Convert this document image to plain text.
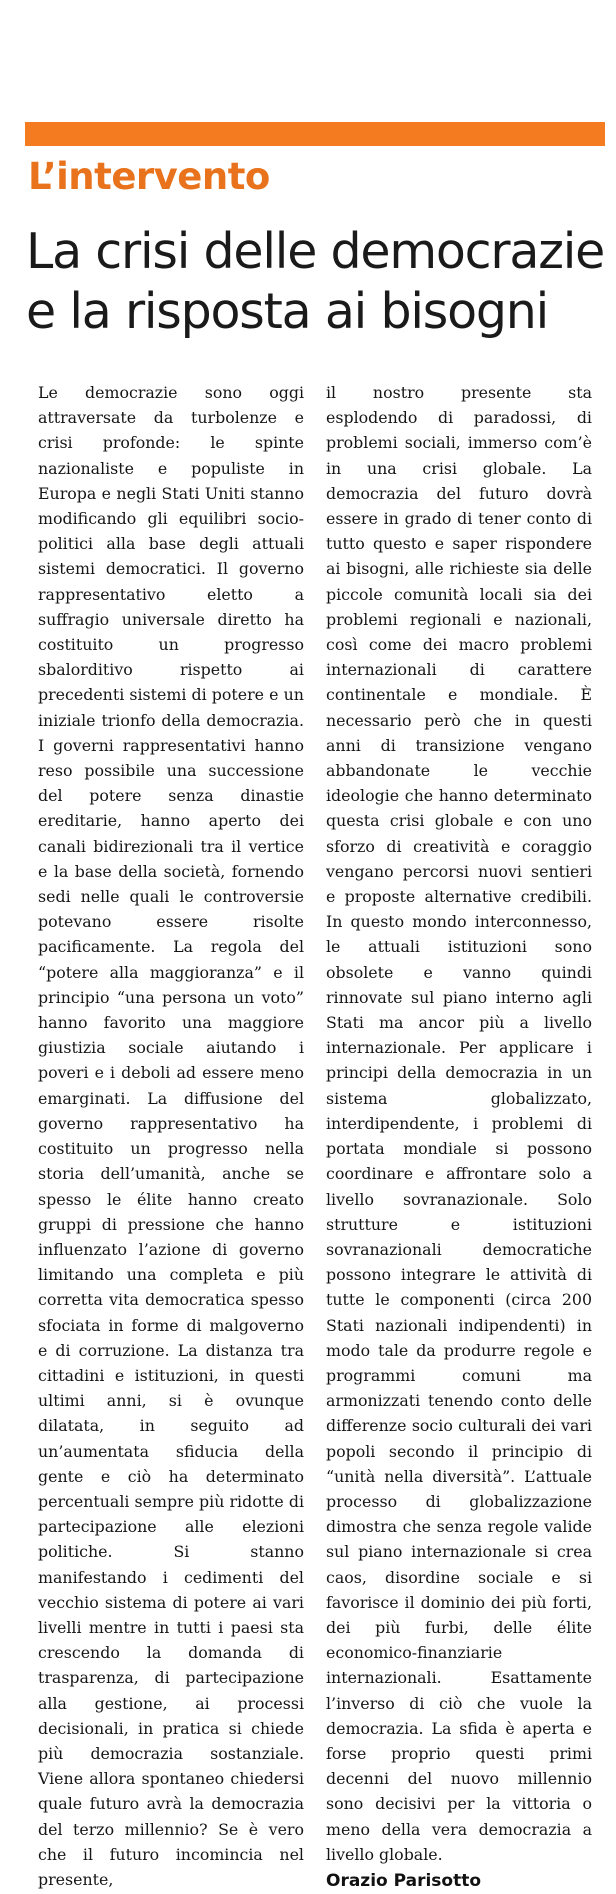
L’intervento
La crisi delle democrazie
e la risposta ai bisogni

Le democrazie sono oggi attraversate da turbolenze e crisi profonde: le spinte nazionaliste e populiste in Europa e negli Stati Uniti stanno modificando gli equilibri socio-politici alla base degli attuali sistemi democratici. Il governo rappresentativo eletto a suffragio universale diretto ha costituito un progresso sbalorditivo rispetto ai precedenti sistemi di potere e un iniziale trionfo della democrazia. I governi rappresentativi hanno reso possibile una successione del potere senza dinastie ereditarie, hanno aperto dei canali bidirezionali tra il vertice e la base della società, fornendo sedi nelle quali le controversie potevano essere risolte pacificamente. La regola del “potere alla maggioranza” e il principio “una persona un voto” hanno favorito una maggiore giustizia sociale aiutando i poveri e i deboli ad essere meno emarginati. La diffusione del governo rappresentativo ha costituito un progresso nella storia dell’umanità, anche se spesso le élite hanno creato gruppi di pressione che hanno influenzato l’azione di governo limitando una completa e più corretta vita democratica spesso sfociata in forme di malgoverno e di corruzione. La distanza tra cittadini e istituzioni, in questi ultimi anni, si è ovunque dilatata, in seguito ad un’aumentata sfiducia della gente e ciò ha determinato percentuali sempre più ridotte di partecipazione alle elezioni politiche. Si stanno manifestando i cedimenti del vecchio sistema di potere ai vari livelli mentre in tutti i paesi sta crescendo la domanda di trasparenza, di partecipazione alla gestione, ai processi decisionali, in pratica si chiede più democrazia sostanziale. Viene allora spontaneo chiedersi quale futuro avrà la democrazia del terzo millennio? Se è vero che il futuro incomincia nel presente,

il nostro presente sta esplodendo di paradossi, di problemi sociali, immerso com’è in una crisi globale. La democrazia del futuro dovrà essere in grado di tener conto di tutto questo e saper rispondere ai bisogni, alle richieste sia delle piccole comunità locali sia dei problemi regionali e nazionali, così come dei macro problemi internazionali di carattere continentale e mondiale. È necessario però che in questi anni di transizione vengano abbandonate le vecchie ideologie che hanno determinato questa crisi globale e con uno sforzo di creatività e coraggio vengano percorsi nuovi sentieri e proposte alternative credibili. In questo mondo interconnesso, le attuali istituzioni sono obsolete e vanno quindi rinnovate sul piano interno agli Stati ma ancor più a livello internazionale. Per applicare i principi della democrazia in un sistema globalizzato, interdipendente, i problemi di portata mondiale si possono coordinare e affrontare solo a livello sovranazionale. Solo strutture e istituzioni sovranazionali democratiche possono integrare le attività di tutte le componenti (circa 200 Stati nazionali indipendenti) in modo tale da produrre regole e programmi comuni ma armonizzati tenendo conto delle differenze socio culturali dei vari popoli secondo il principio di “unità nella diversità”. L’attuale processo di globalizzazione dimostra che senza regole valide sul piano internazionale si crea caos, disordine sociale e si favorisce il dominio dei più forti, dei più furbi, delle élite economico-finanziarie internazionali. Esattamente l’inverso di ciò che vuole la democrazia. La sfida è aperta e forse proprio questi primi decenni del nuovo millennio sono decisivi per la vittoria o meno della vera democrazia a livello globale.

Orazio Parisotto
